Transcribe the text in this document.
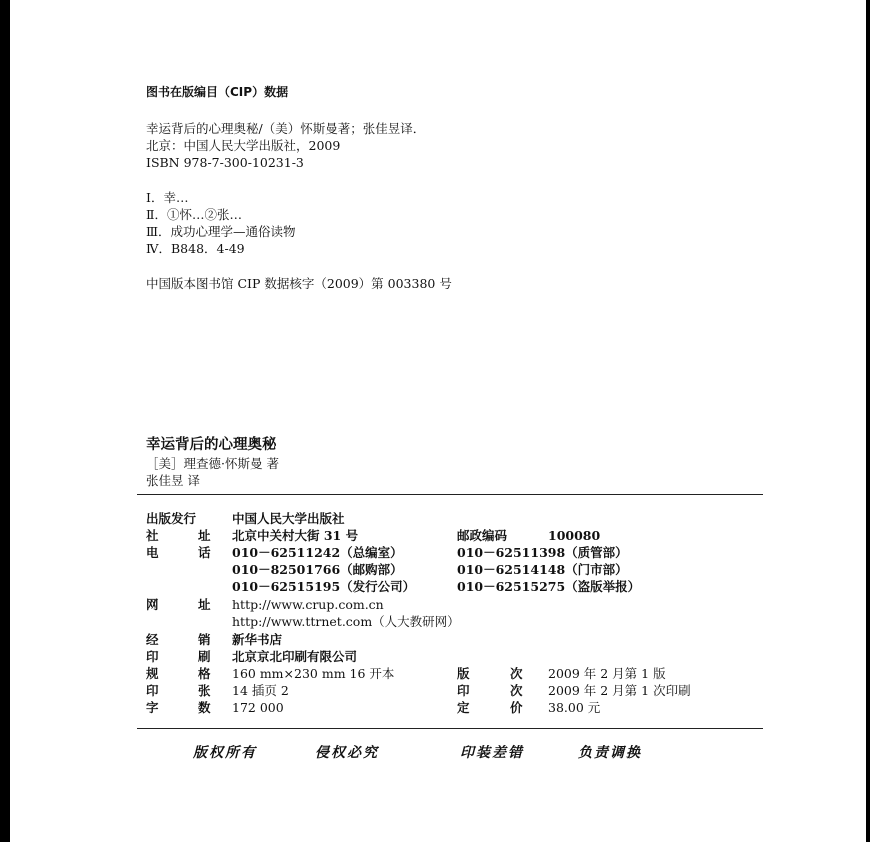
图书在版编目（CIP）数据
幸运背后的心理奥秘/（美）怀斯曼著；张佳昱译．
北京：中国人民大学出版社，2009
ISBN 978-7-300-10231-3
Ⅰ．幸…
Ⅱ．①怀…②张…
Ⅲ．成功心理学—通俗读物
Ⅳ．B848．4-49
中国版本图书馆 CIP 数据核字（2009）第 003380 号
幸运背后的心理奥秘
［美］理查德·怀斯曼 著
张佳昱 译
出版发行	中国人民大学出版社
社	址 北京中关村大街 31 号	邮政编码	100080
电	话 010－62511242（总编室）	010－62511398（质管部）
010－82501766（邮购部）	010－62514148（门市部）
010－62515195（发行公司）	010－62515275（盗版举报）
网	址 http://www.crup.com.cn
http://www.ttrnet.com（人大教研网）
经	销 新华书店
印	刷 北京京北印刷有限公司
规	格 160 mm×230 mm 16 开本	版	次 2009 年 2 月第 1 版
印	张 14 插页 2	印	次 2009 年 2 月第 1 次印刷
字	数 172 000	定	价 38.00 元
版权所有	侵权必究	印装差错	负责调换
